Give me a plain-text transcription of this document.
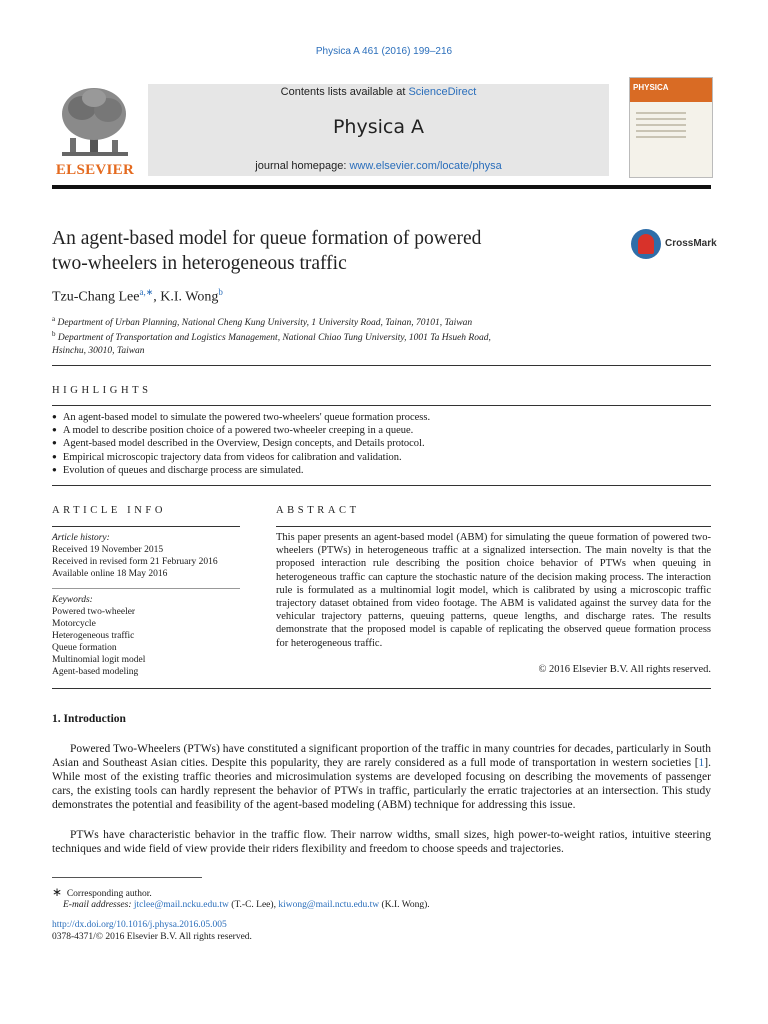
Physica A 461 (2016) 199–216
ELSEVIER
Contents lists available at ScienceDirect
Physica A
journal homepage: www.elsevier.com/locate/physa
PHYSICA
An agent-based model for queue formation of powered
two-wheelers in heterogeneous traffic
CrossMark
Tzu-Chang Lee$^{a,∗}$, K.I. Wong$^b$
$^a$ Department of Urban Planning, National Cheng Kung University, 1 University Road, Tainan, 70101, Taiwan
$^b$ Department of Transportation and Logistics Management, National Chiao Tung University, 1001 Ta Hsueh Road,
Hsinchu, 30010, Taiwan
HIGHLIGHTS
● An agent-based model to simulate the powered two-wheelers' queue formation process.
● A model to describe position choice of a powered two-wheeler creeping in a queue.
● Agent-based model described in the Overview, Design concepts, and Details protocol.
● Empirical microscopic trajectory data from videos for calibration and validation.
● Evolution of queues and discharge process are simulated.
ARTICLE INFO
Article history:
Received 19 November 2015
Received in revised form 21 February 2016
Available online 18 May 2016
Keywords:
Powered two-wheeler
Motorcycle
Heterogeneous traffic
Queue formation
Multinomial logit model
Agent-based modeling
ABSTRACT
This paper presents an agent-based model (ABM) for simulating the queue formation of powered two-wheelers (PTWs) in heterogeneous traffic at a signalized intersection. The main novelty is that the proposed interaction rule describing the position choice behavior of PTWs when queuing in heterogeneous traffic can capture the stochastic nature of the decision making process. The interaction rule is formulated as a multinomial logit model, which is calibrated by using a microscopic traffic trajectory dataset obtained from video footage. The ABM is validated against the survey data for the vehicular trajectory patterns, queuing patterns, queue lengths, and discharge rates. The results demonstrate that the proposed model is capable of replicating the observed queue formation process for heterogeneous traffic.
© 2016 Elsevier B.V. All rights reserved.
1. Introduction

Powered Two-Wheelers (PTWs) have constituted a significant proportion of the traffic in many countries for decades, particularly in South Asian and Southeast Asian cities. Despite this popularity, they are rarely considered as a full mode of transportation in western societies [1]. While most of the existing traffic theories and microsimulation systems are developed focusing on describing the movements of passenger cars, the existing tools can hardly represent the behavior of PTWs in traffic, particularly the erratic trajectories at an intersection. This study demonstrates the potential and feasibility of the agent-based modeling (ABM) technique for addressing this issue.

PTWs have characteristic behavior in the traffic flow. Their narrow widths, small sizes, high power-to-weight ratios, intuitive steering techniques and wide field of view provide their riders flexibility and freedom to choose speeds and trajectories.

∗ Corresponding author.
E-mail addresses: jtclee@mail.ncku.edu.tw (T.-C. Lee), kiwong@mail.nctu.edu.tw (K.I. Wong).
http://dx.doi.org/10.1016/j.physa.2016.05.005
0378-4371/© 2016 Elsevier B.V. All rights reserved.
